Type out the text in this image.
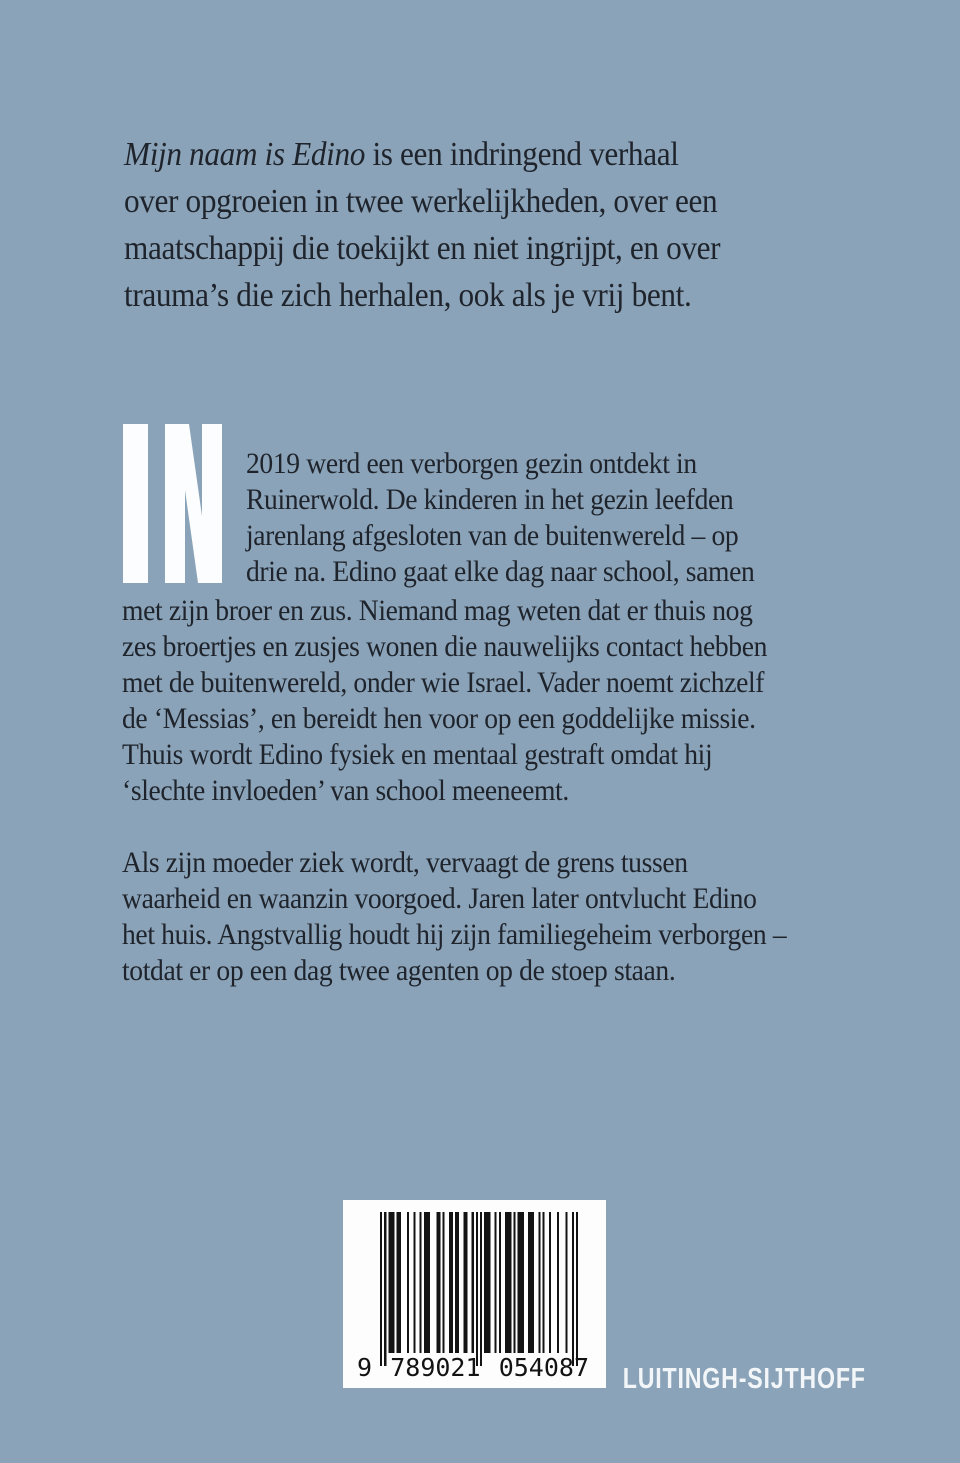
Mijn naam is Edino is een indringend verhaal
over opgroeien in twee werkelijkheden, over een
maatschappij die toekijkt en niet ingrijpt, en over
trauma’s die zich herhalen, ook als je vrij bent.
2019 werd een verborgen gezin ontdekt in
Ruinerwold. De kinderen in het gezin leefden
jarenlang afgesloten van de buitenwereld – op
drie na. Edino gaat elke dag naar school, samen
met zijn broer en zus. Niemand mag weten dat er thuis nog
zes broertjes en zusjes wonen die nauwelijks contact hebben
met de buitenwereld, onder wie Israel. Vader noemt zichzelf
de ‘Messias’, en bereidt hen voor op een goddelijke missie.
Thuis wordt Edino fysiek en mentaal gestraft omdat hij
‘slechte invloeden’ van school meeneemt.
Als zijn moeder ziek wordt, vervaagt de grens tussen
waarheid en waanzin voorgoed. Jaren later ontvlucht Edino
het huis. Angstvallig houdt hij zijn familiegeheim verborgen –
totdat er op een dag twee agenten op de stoep staan.
9 789021 054087 LUITINGH-SIJTHOFF
